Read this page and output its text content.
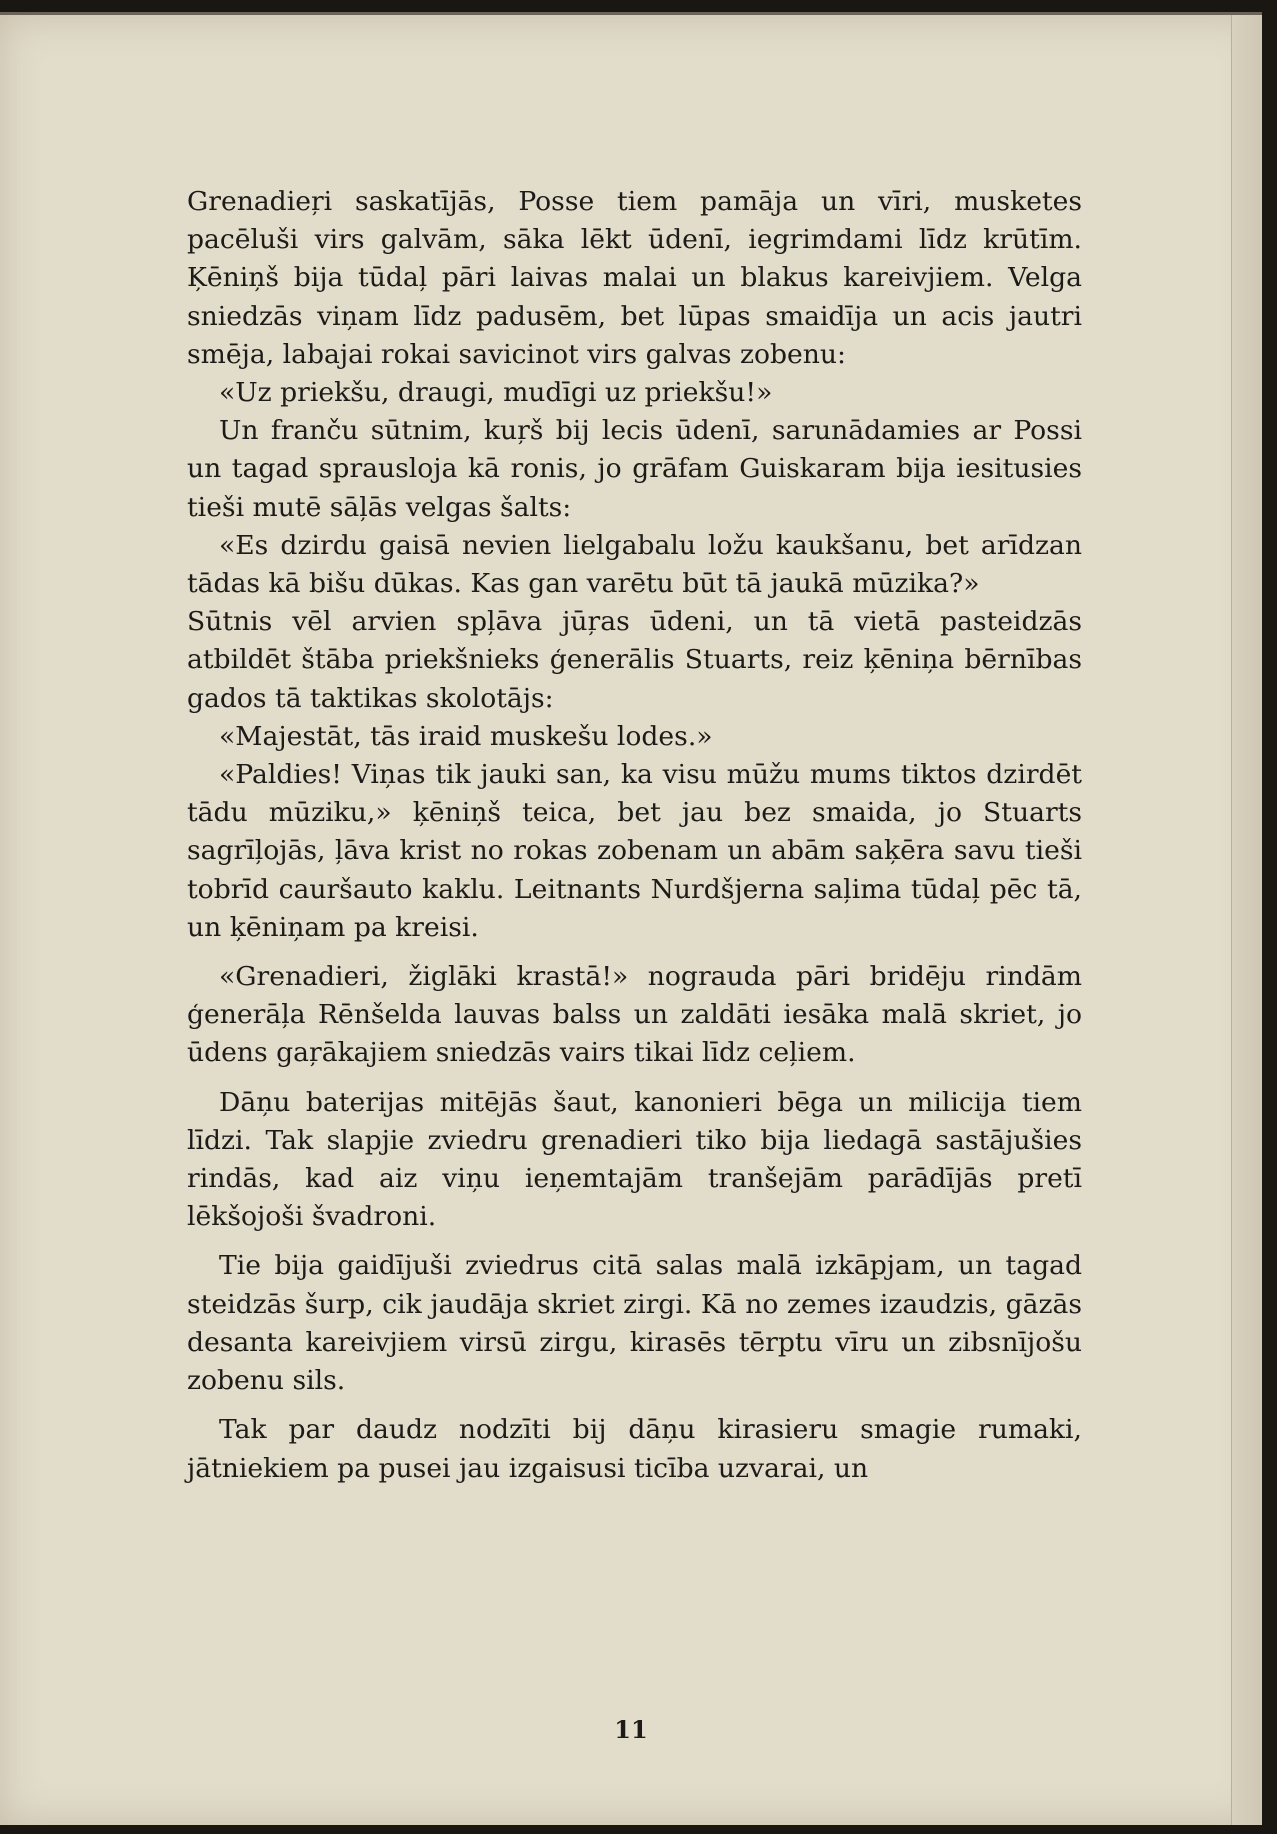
Grenadieŗi saskatījās, Posse tiem pamāja un vīri, musketes pacēluši virs galvām, sāka lēkt ūdenī, iegrimdami līdz krūtīm. Ķēniņš bija tūdaļ pāri laivas malai un blakus kareivjiem. Velga sniedzās viņam līdz padusēm, bet lūpas smaidīja un acis jautri smēja, labajai rokai savicinot virs galvas zobenu:

«Uz priekšu, draugi, mudīgi uz priekšu!»

Un franču sūtnim, kuŗš bij lecis ūdenī, sarunādamies ar Possi un tagad sprausloja kā ronis, jo grāfam Guiskaram bija iesitusies tieši mutē sāļās velgas šalts:

«Es dzirdu gaisā nevien lielgabalu ložu kaukšanu, bet arīdzan tādas kā bišu dūkas. Kas gan varētu būt tā jaukā mūzika?»

Sūtnis vēl arvien spļāva jūŗas ūdeni, un tā vietā pasteidzās atbildēt štāba priekšnieks ģenerālis Stuarts, reiz ķēniņa bērnības gados tā taktikas skolotājs:

«Majestāt, tās iraid muskešu lodes.»

«Paldies! Viņas tik jauki san, ka visu mūžu mums tiktos dzirdēt tādu mūziku,» ķēniņš teica, bet jau bez smaida, jo Stuarts sagrīļojās, ļāva krist no rokas zobenam un abām saķēra savu tieši tobrīd cauršauto kaklu. Leitnants Nurdšjerna saļima tūdaļ pēc tā, un ķēniņam pa kreisi.

«Grenadieri, žiglāki krastā!» nograuda pāri bridēju rindām ģenerāļa Rēnšelda lauvas balss un zaldāti iesāka malā skriet, jo ūdens gaŗākajiem sniedzās vairs tikai līdz ceļiem.

Dāņu baterijas mitējās šaut, kanonieri bēga un milicija tiem līdzi. Tak slapjie zviedru grenadieri tiko bija liedagā sastājušies rindās, kad aiz viņu ieņemtajām tranšejām parādījās pretī lēkšojoši švadroni.

Tie bija gaidījuši zviedrus citā salas malā izkāpjam, un tagad steidzās šurp, cik jaudāja skriet zirgi. Kā no zemes izaudzis, gāzās desanta kareivjiem virsū zirgu, kirasēs tērptu vīru un zibsnījošu zobenu sils.

Tak par daudz nodzīti bij dāņu kirasieru smagie rumaki, jātniekiem pa pusei jau izgaisusi ticība uzvarai, un

11
